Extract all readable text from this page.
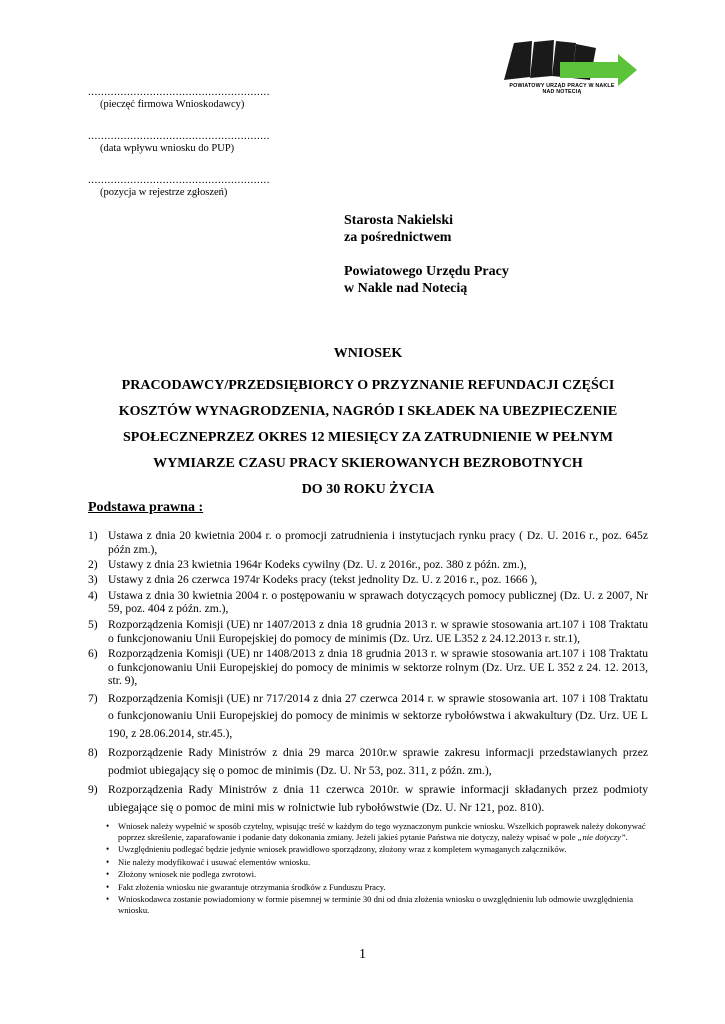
........................................................
(pieczęć firmowa Wnioskodawcy)
........................................................
(data wpływu wniosku do PUP)
........................................................
(pozycja w rejestrze zgłoszeń)
POWIATOWY URZĄD PRACY W NAKLE NAD NOTECIĄ
Starosta Nakielski
za pośrednictwem
Powiatowego Urzędu Pracy
w Nakle nad Notecią
WNIOSEK
PRACODAWCY/PRZEDSIĘBIORCY O PRZYZNANIE REFUNDACJI CZĘŚCI
KOSZTÓW WYNAGRODZENIA, NAGRÓD I SKŁADEK NA UBEZPIECZENIE
SPOŁECZNEPRZEZ OKRES 12 MIESIĘCY ZA ZATRUDNIENIE W PEŁNYM
WYMIARZE CZASU PRACY SKIEROWANYCH BEZROBOTNYCH
DO 30 ROKU ŻYCIA
Podstawa prawna :
1) Ustawa z dnia 20 kwietnia 2004 r. o promocji zatrudnienia i instytucjach rynku pracy ( Dz. U. 2016 r., poz. 645z późn zm.),
2) Ustawy z dnia 23 kwietnia 1964r Kodeks cywilny (Dz. U. z 2016r., poz. 380 z późn. zm.),
3) Ustawy z dnia 26 czerwca 1974r Kodeks pracy (tekst jednolity Dz. U. z 2016 r., poz. 1666 ),
4) Ustawa z dnia 30 kwietnia 2004 r. o postępowaniu w sprawach dotyczących pomocy publicznej (Dz. U. z 2007, Nr 59, poz. 404 z późn. zm.),
5) Rozporządzenia Komisji (UE) nr 1407/2013 z dnia 18 grudnia 2013 r. w sprawie stosowania art.107 i 108 Traktatu o funkcjonowaniu Unii Europejskiej do pomocy de minimis (Dz. Urz. UE L352 z 24.12.2013 r. str.1),
6) Rozporządzenia Komisji (UE) nr 1408/2013 z dnia 18 grudnia 2013 r. w sprawie stosowania art.107 i 108 Traktatu o funkcjonowaniu Unii Europejskiej do pomocy de minimis w sektorze rolnym (Dz. Urz. UE L 352 z 24. 12. 2013, str. 9),
7) Rozporządzenia Komisji (UE) nr 717/2014 z dnia 27 czerwca 2014 r. w sprawie stosowania art. 107 i 108 Traktatu o funkcjonowaniu Unii Europejskiej do pomocy de minimis w sektorze rybołówstwa i akwakultury (Dz. Urz. UE L 190, z 28.06.2014, str.45.),
8) Rozporządzenie Rady Ministrów z dnia 29 marca 2010r.w sprawie zakresu informacji przedstawianych przez podmiot ubiegający się o pomoc de minimis (Dz. U. Nr 53, poz. 311, z późn. zm.),
9) Rozporządzenia Rady Ministrów z dnia 11 czerwca 2010r. w sprawie informacji składanych przez podmioty ubiegające się o pomoc de mini mis w rolnictwie lub rybołówstwie (Dz. U. Nr 121, poz. 810).
•	Wniosek należy wypełnić w sposób czytelny, wpisując treść w każdym do tego wyznaczonym punkcie wniosku. Wszelkich poprawek należy dokonywać poprzez skreślenie, zaparafowanie i podanie daty dokonania zmiany. Jeżeli jakieś pytanie Państwa nie dotyczy, należy wpisać w pole „nie dotyczy”.
•	Uwzględnieniu podlegać będzie jedynie wniosek prawidłowo sporządzony, złożony wraz z kompletem wymaganych załączników.
•	Nie należy modyfikować i usuwać elementów wniosku.
•	Złożony wniosek nie podlega zwrotowi.
•	Fakt złożenia wniosku nie gwarantuje otrzymania środków z Funduszu Pracy.
•	Wnioskodawca zostanie powiadomiony w formie pisemnej w terminie 30 dni od dnia złożenia wniosku o uwzględnieniu lub odmowie uwzględnienia wniosku.
1
